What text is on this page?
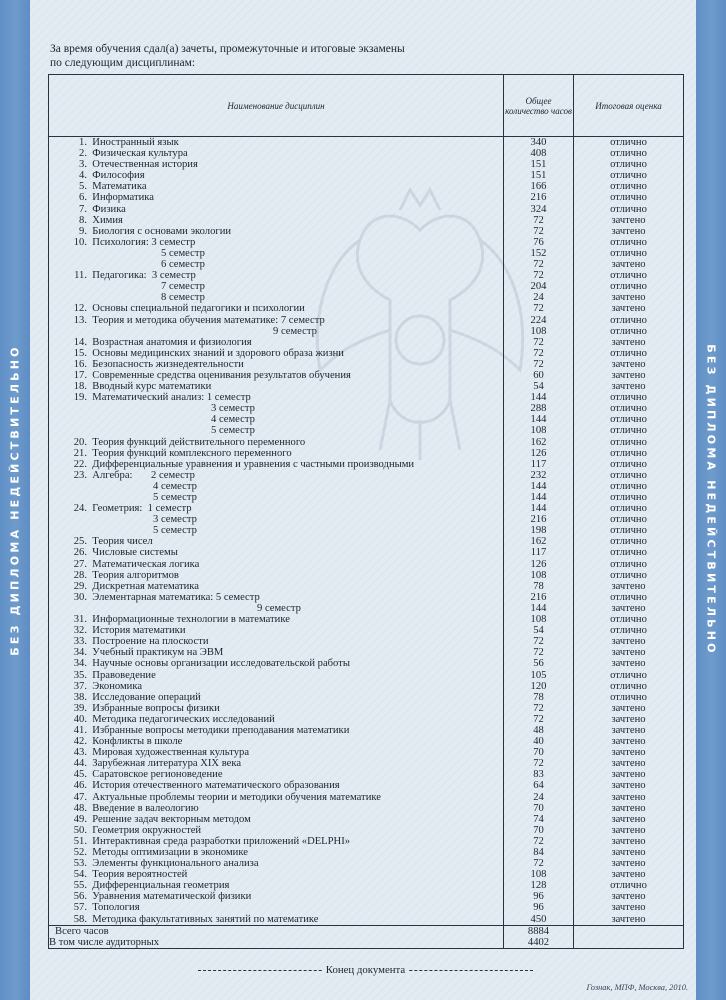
БЕЗ ДИПЛОМА НЕДЕЙСТВИТЕЛЬНО	БЕЗ ДИПЛОМА НЕДЕЙСТВИТЕЛЬНО
За время обучения сдал(а) зачеты, промежуточные и итоговые экзамены
по следующим дисциплинам:
Наименование дисциплин	Общее количество часов	Итоговая оценка
1. Иностранный язык	340	отлично
2. Физическая культура	408	отлично
3. Отечественная история	151	отлично
4. Философия	151	отлично
5. Математика	166	отлично
6. Информатика	216	отлично
7. Физика	324	отлично
8. Химия	72	зачтено
9. Биология с основами экологии	72	зачтено
10. Психология: 3 семестр	76	отлично
5 семестр	152	отлично
6 семестр	72	зачтено
11. Педагогика:  3 семестр	72	отлично
7 семестр	204	отлично
8 семестр	24	зачтено
12. Основы специальной педагогики и психологии	72	зачтено
13. Теория и методика обучения математике: 7 семестр	224	отлично
9 семестр	108	отлично
14. Возрастная анатомия и физиология	72	зачтено
15. Основы медицинских знаний и здорового образа жизни	72	отлично
16. Безопасность жизнедеятельности	72	зачтено
17. Современные средства оценивания результатов обучения	60	зачтено
18. Вводный курс математики	54	зачтено
19. Математический анализ: 1 семестр	144	отлично
3 семестр	288	отлично
4 семестр	144	отлично
5 семестр	108	отлично
20. Теория функций действительного переменного	162	отлично
21. Теория функций комплексного переменного	126	отлично
22. Дифференциальные уравнения и уравнения с частными производными	117	отлично
23. Алгебра:       2 семестр	232	отлично
4 семестр	144	отлично
5 семестр	144	отлично
24. Геометрия:  1 семестр	144	отлично
3 семестр	216	отлично
5 семестр	198	отлично
25. Теория чисел	162	отлично
26. Числовые системы	117	отлично
27. Математическая логика	126	отлично
28. Теория алгоритмов	108	отлично
29. Дискретная математика	78	зачтено
30. Элементарная математика: 5 семестр	216	отлично
9 семестр	144	зачтено
31. Информационные технологии в математике	108	отлично
32. История математики	54	отлично
33. Построение на плоскости	72	зачтено
34. Учебный практикум на ЭВМ	72	зачтено
34. Научные основы организации исследовательской работы	56	зачтено
35. Правоведение	105	отлично
37. Экономика	120	отлично
38. Исследование операций	78	отлично
39. Избранные вопросы физики	72	зачтено
40. Методика педагогических исследований	72	зачтено
41. Избранные вопросы методики преподавания математики	48	зачтено
42. Конфликты в школе	40	зачтено
43. Мировая художественная культура	70	зачтено
44. Зарубежная литература XIX века	72	зачтено
45. Саратовское регионоведение	83	зачтено
46. История отечественного математического образования	64	зачтено
47. Актуальные проблемы теории и методики обучения математике	24	зачтено
48. Введение в валеологию	70	зачтено
49. Решение задач векторным методом	74	зачтено
50. Геометрия окружностей	70	зачтено
51. Интерактивная среда разработки приложений «DELPHI»	72	зачтено
52. Методы оптимизации в экономике	84	зачтено
53. Элементы функционального анализа	72	зачтено
54. Теория вероятностей	108	зачтено
55. Дифференциальная геометрия	128	отлично
56. Уравнения математической физики	96	зачтено
57. Топология	96	зачтено
58. Методика факультативных занятий по математике	450	зачтено
Всего часов	8884	
В том числе аудиторных	4402	
Конец документа
Гознак, МПФ, Москва, 2010.
